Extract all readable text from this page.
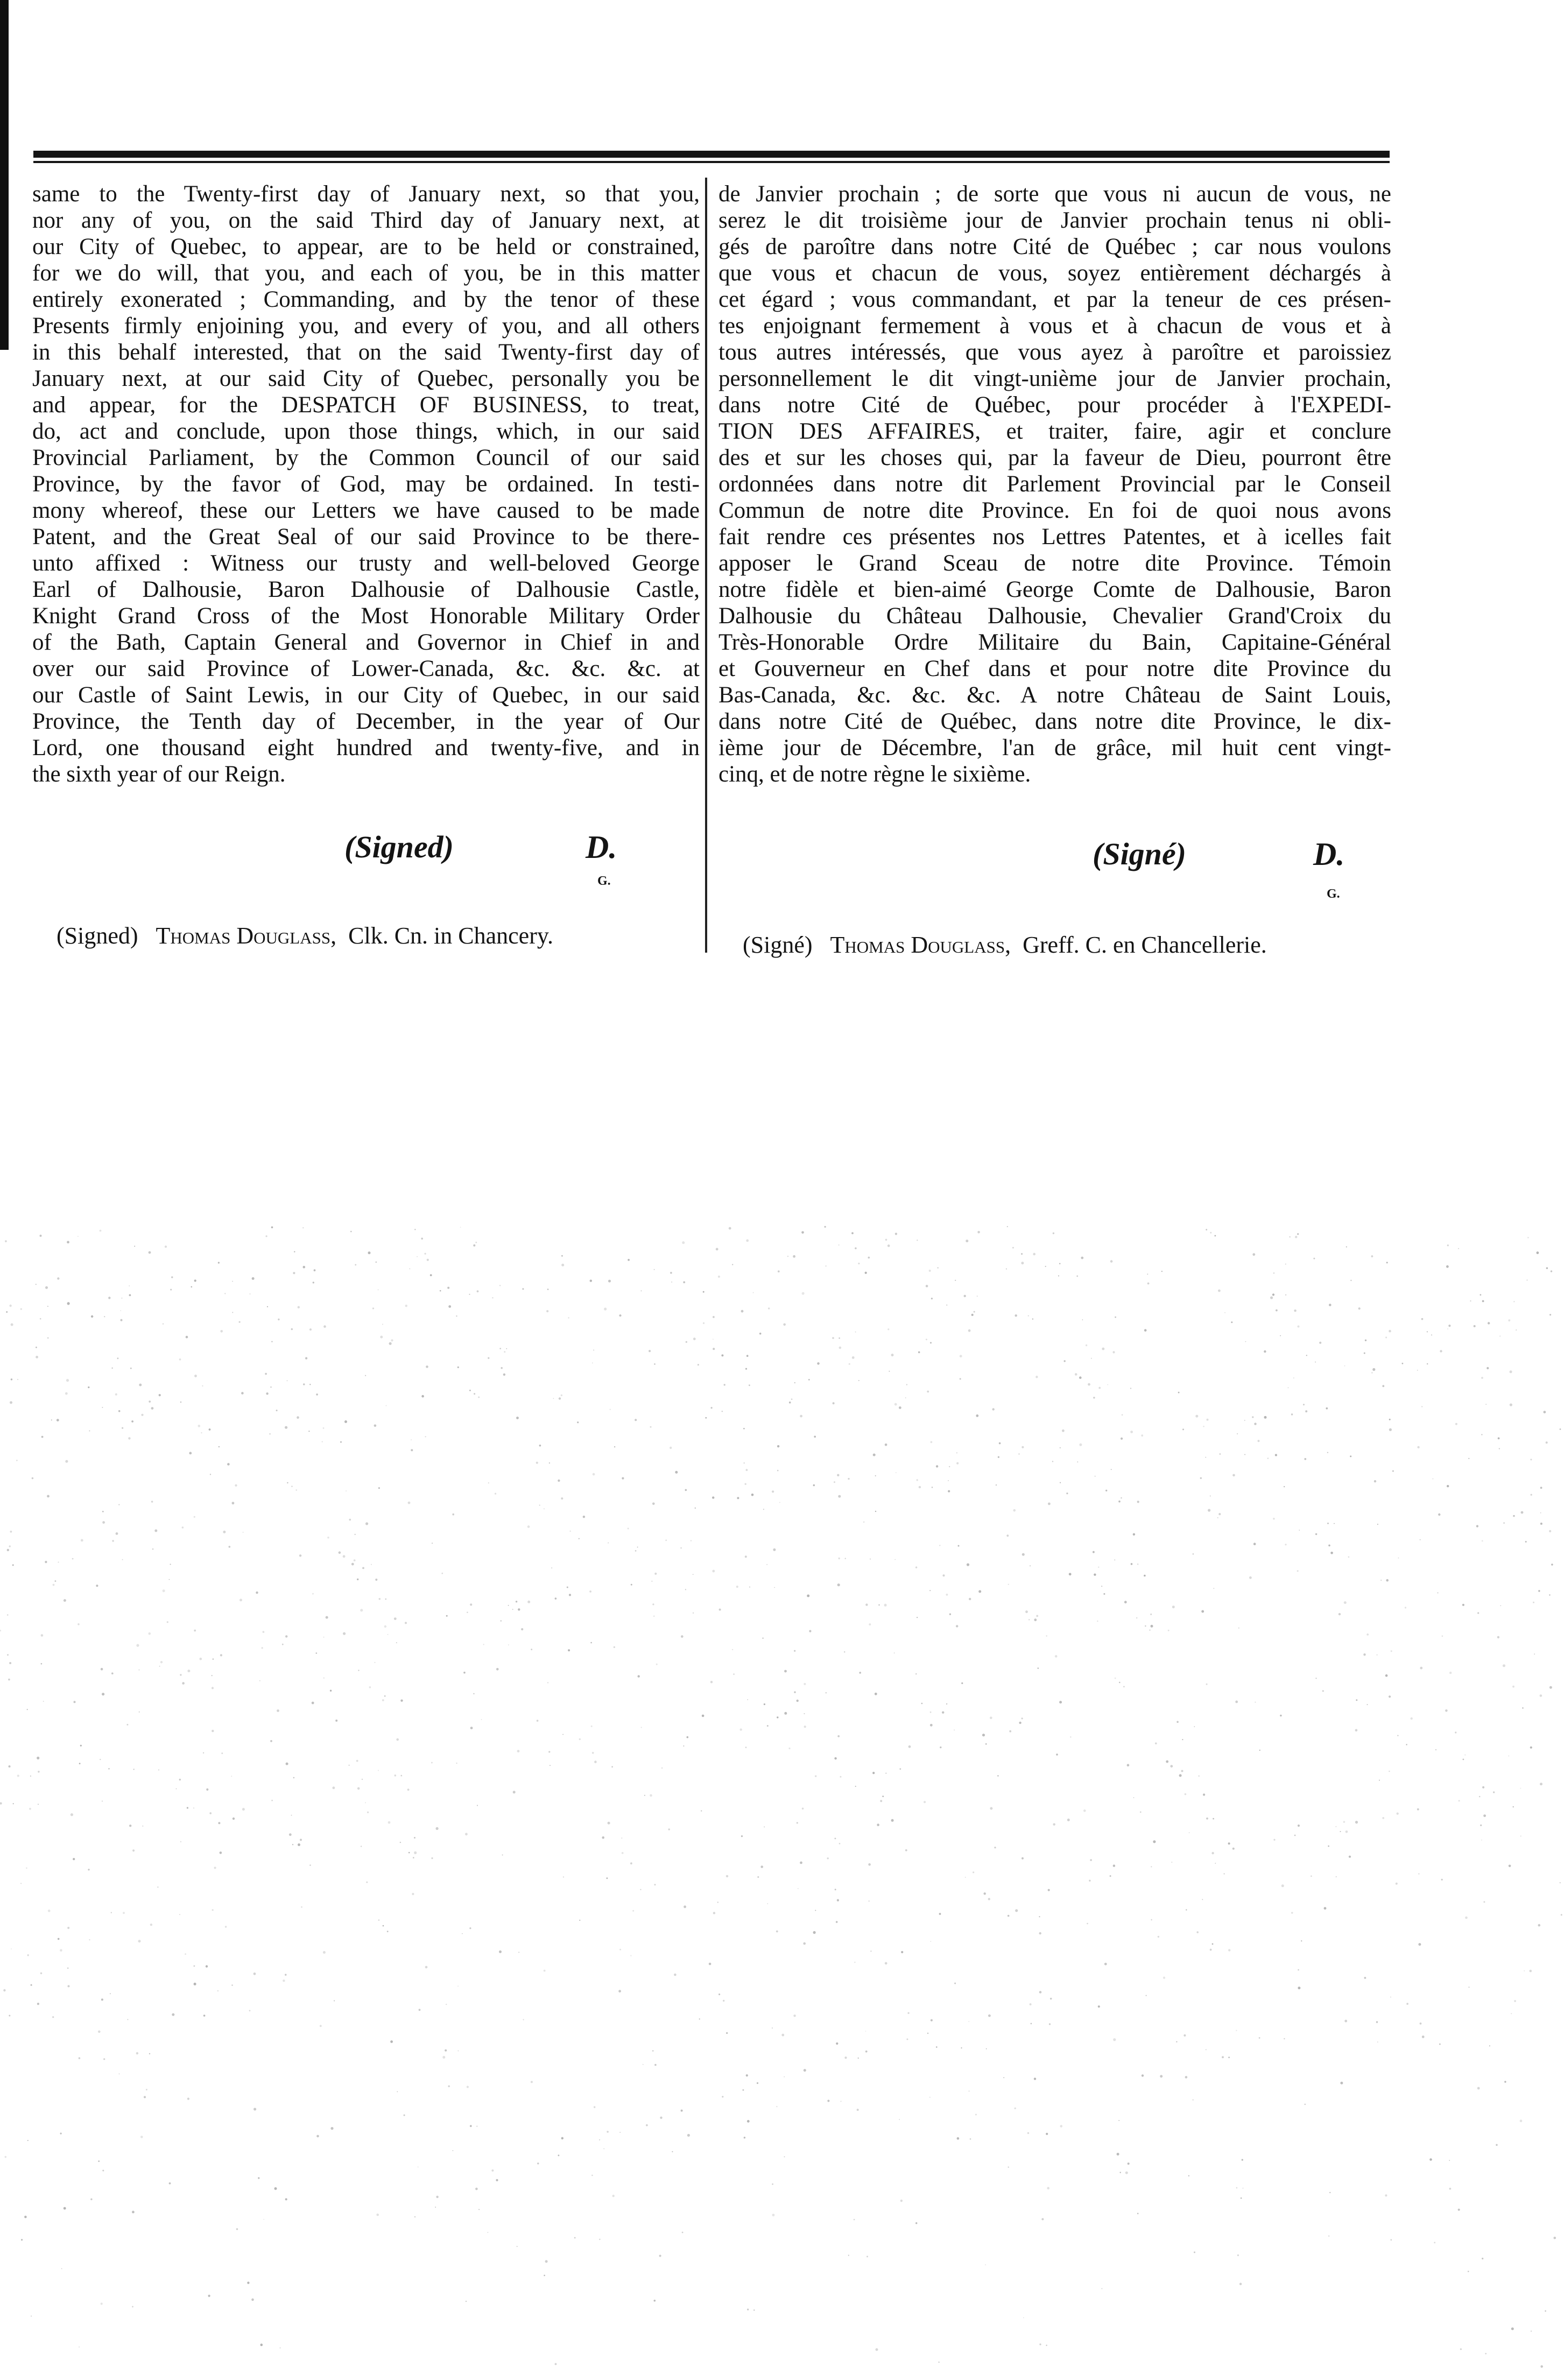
same to the Twenty-first day of January next, so that you,
nor any of you, on the said Third day of January next, at
our City of Quebec, to appear, are to be held or constrained,
for we do will, that you, and each of you, be in this matter
entirely exonerated ; Commanding, and by the tenor of these
Presents firmly enjoining you, and every of you, and all others
in this behalf interested, that on the said Twenty-first day of
January next, at our said City of Quebec, personally you be
and appear, for the DESPATCH OF BUSINESS, to treat,
do, act and conclude, upon those things, which, in our said
Provincial Parliament, by the Common Council of our said
Province, by the favor of God, may be ordained. In testi-
mony whereof, these our Letters we have caused to be made
Patent, and the Great Seal of our said Province to be there-
unto affixed : Witness our trusty and well-beloved George
Earl of Dalhousie, Baron Dalhousie of Dalhousie Castle,
Knight Grand Cross of the Most Honorable Military Order
of the Bath, Captain General and Governor in Chief in and
over our said Province of Lower-Canada, &c. &c. &c. at
our Castle of Saint Lewis, in our City of Quebec, in our said
Province, the Tenth day of December, in the year of Our
Lord, one thousand eight hundred and twenty-five, and in
the sixth year of our Reign.
de Janvier prochain ; de sorte que vous ni aucun de vous, ne
serez le dit troisième jour de Janvier prochain tenus ni obli-
gés de paroître dans notre Cité de Québec ; car nous voulons
que vous et chacun de vous, soyez entièrement déchargés à
cet égard ; vous commandant, et par la teneur de ces présen-
tes enjoignant fermement à vous et à chacun de vous et à
tous autres intéressés, que vous ayez à paroître et paroissiez
personnellement le dit vingt-unième jour de Janvier prochain,
dans notre Cité de Québec, pour procéder à l'EXPEDI-
TION DES AFFAIRES, et traiter, faire, agir et conclure
des et sur les choses qui, par la faveur de Dieu, pourront être
ordonnées dans notre dit Parlement Provincial par le Conseil
Commun de notre dite Province. En foi de quoi nous avons
fait rendre ces présentes nos Lettres Patentes, et à icelles fait
apposer le Grand Sceau de notre dite Province. Témoin
notre fidèle et bien-aimé George Comte de Dalhousie, Baron
Dalhousie du Château Dalhousie, Chevalier Grand'Croix du
Très-Honorable Ordre Militaire du Bain, Capitaine-Général
et Gouverneur en Chef dans et pour notre dite Province du
Bas-Canada, &c. &c. &c. A notre Château de Saint Louis,
dans notre Cité de Québec, dans notre dite Province, le dix-
ième jour de Décembre, l'an de grâce, mil huit cent vingt-
cinq, et de notre règne le sixième.
(Signed)	D.
G.
(Signed) Thomas Douglass, Clk. Cn. in Chancery.
(Signé)	D.
G.
(Signé) Thomas Douglass, Greff. C. en Chancellerie.
